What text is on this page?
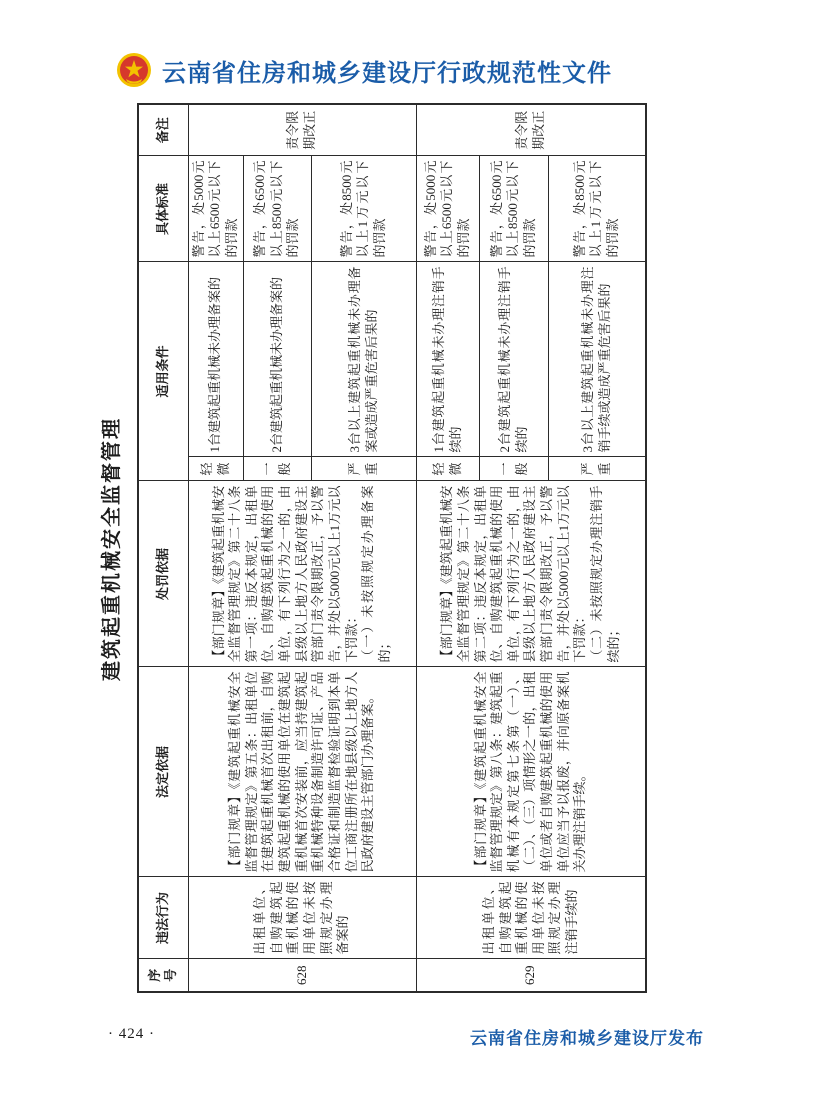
云南省住房和城乡建设厅行政规范性文件
建筑起重机械安全监督管理
序号	违法行为	法定依据	处罚依据	适用条件		具体标准	备注
628	出租单位、自购建筑起重机械的使用单位未按照规定办理备案的	【部门规章】《建筑起重机械安全监督管理规定》第五条：出租单位在建筑起重机械首次出租前，自购建筑起重机械的使用单位在建筑起重机械首次安装前，应当持建筑起重机械特种设备制造许可证、产品合格证和制造监督检验证明到本单位工商注册所在地县级以上地方人民政府建设主管部门办理备案。	【部门规章】《建筑起重机械安全监督管理规定》第二十八条第一项：违反本规定，出租单位、自购建筑起重机械的使用单位，有下列行为之一的，由县级以上地方人民政府建设主管部门责令限期改正，予以警告，并处以5000元以上1万元以下罚款： （一）未按照规定办理备案的；	轻微	1台建筑起重机械未办理备案的	警告，处5000元以上6500元以下的罚款	责令限期改正
				一般	2台建筑起重机械未办理备案的	警告，处6500元以上8500元以下的罚款	
				严重	3台以上建筑起重机械未办理备案或造成严重危害后果的	警告，处8500元以上1万元以下的罚款	
629	出租单位、自购建筑起重机械的使用单位未按照规定办理注销手续的	【部门规章】《建筑起重机械安全监督管理规定》第八条：建筑起重机械有本规定第七条第（一）、（二）、（三）项情形之一的，出租单位或者自购建筑起重机械的使用单位应当予以报废，并向原备案机关办理注销手续。	【部门规章】《建筑起重机械安全监督管理规定》第二十八条第二项：违反本规定，出租单位、自购建筑起重机械的使用单位，有下列行为之一的，由县级以上地方人民政府建设主管部门责令限期改正，予以警告，并处以5000元以上1万元以下罚款： （二）未按照规定办理注销手续的；	轻微	1台建筑起重机械未办理注销手续的	警告，处5000元以上6500元以下的罚款	责令限期改正
				一般	2台建筑起重机械未办理注销手续的	警告，处6500元以上8500元以下的罚款	
				严重	3台以上建筑起重机械未办理注销手续或造成严重危害后果的	警告，处8500元以上1万元以下的罚款	
· 424 ·	云南省住房和城乡建设厅发布
